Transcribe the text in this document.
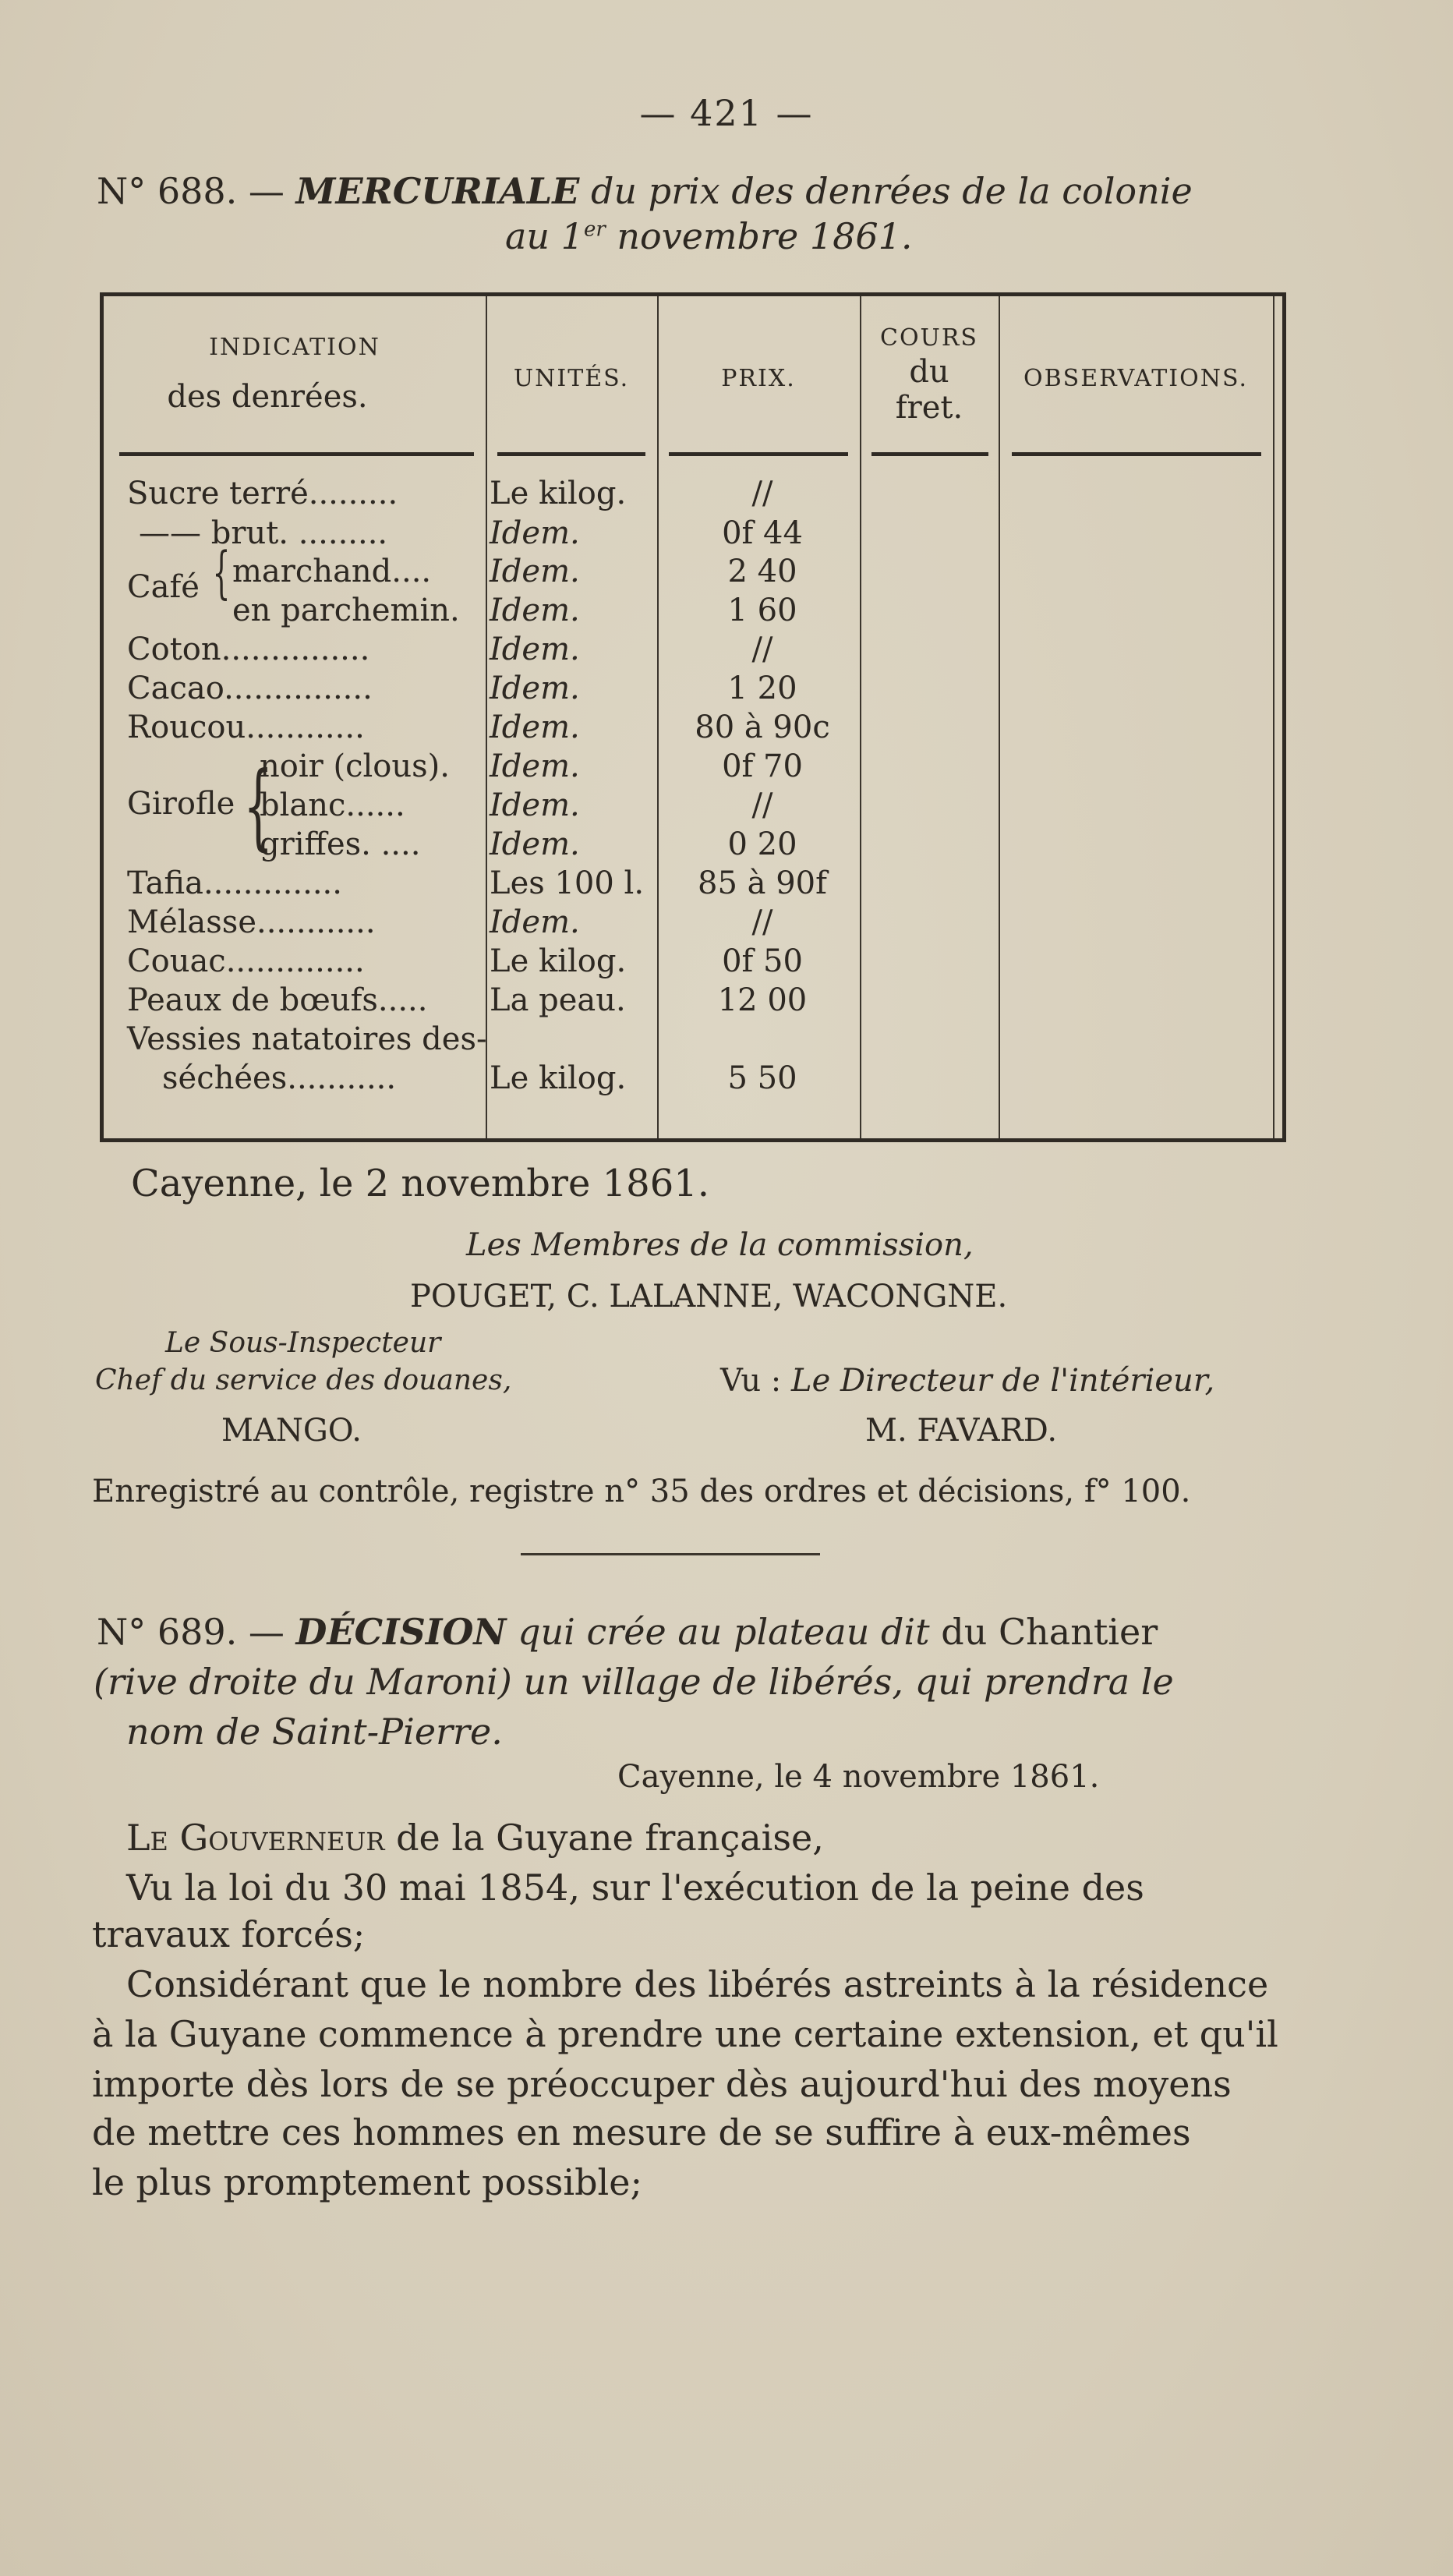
— 421 —
N° 688. — MERCURIALE du prix des denrées de la colonie
au 1er novembre 1861.
INDICATION
des denrées.
UNITÉS.	PRIX.
COURS
du
fret.
OBSERVATIONS.
Sucre terré.........	Le kilog.	//
—— brut. .........	Idem.	0f 44
Café { marchand....	Idem.	2 40
en parchemin. Idem.	1 60
Coton...............	Idem.	//
Cacao...............	Idem.	1 20
Roucou............	Idem.	80 à 90c
Girofle {
noir (clous).	Idem.	0f 70
blanc......	Idem.	//
griffes. ....	Idem.	0 20
Tafia..............	Les 100 l.	85 à 90f
Mélasse............	Idem.	//
Couac..............	Le kilog.	0f 50
Peaux de bœufs.....	La peau.	12 00
Vessies natatoires des-
séchées...........	Le kilog.	5 50
Cayenne, le 2 novembre 1861.
Les Membres de la commission,
POUGET, C. LALANNE, WACONGNE.
Le Sous-Inspecteur
Chef du service des douanes,
MANGO.
Vu : Le Directeur de l'intérieur,
M. FAVARD.
Enregistré au contrôle, registre n° 35 des ordres et décisions, f° 100.
N° 689. — DÉCISION qui crée au plateau dit du Chantier
(rive droite du Maroni) un village de libérés, qui prendra le
nom de Saint-Pierre.
Cayenne, le 4 novembre 1861.
Le Gouverneur de la Guyane française,
Vu la loi du 30 mai 1854, sur l'exécution de la peine des
travaux forcés;
Considérant que le nombre des libérés astreints à la résidence
à la Guyane commence à prendre une certaine extension, et qu'il
importe dès lors de se préoccuper dès aujourd'hui des moyens
de mettre ces hommes en mesure de se suffire à eux-mêmes
le plus promptement possible;
